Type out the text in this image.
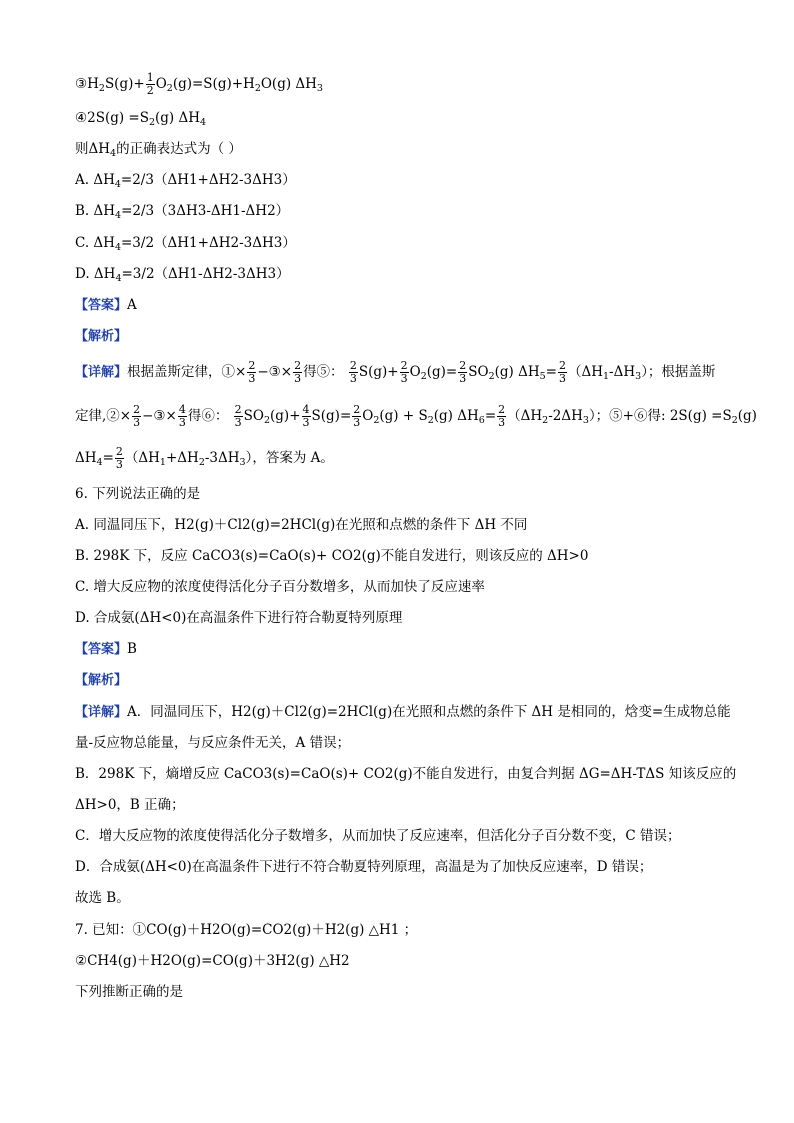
$③H_2S(g)+ \frac{1}{2} O_2(g)=S(g)+H_2O(g)$ $\Delta H_3$
④2S(g) $=S_2(g)$ $\Delta H_4$
则$\Delta H_4$的正确表达式为（ ）
A. $\Delta H_4=2/3(\Delta H1+\Delta H2-3\Delta H3)$
B. $\Delta H_4=2/3(3\Delta H3-\Delta H1-\Delta H2)$
C. $\Delta H_4=3/2(\Delta H1+\Delta H2-3\Delta H3)$
D. $\Delta H_4=3/2(\Delta H1-\Delta H2-3\Delta H3)$
【答案】A
【解析】
【详解】根据盖斯定律，①× $\frac{2}{3}$ −③× $\frac{2}{3}$ 得⑤： $\frac{2}{3} S(g)+ \frac{2}{3} O_2(g)= \frac{2}{3} SO_2(g)$ $\Delta H_5= \frac{2}{3} (\Delta H_1-\Delta H_3)$；根据盖斯
定律,②× $\frac{2}{3}$ −③× $\frac{4}{3}$ 得⑥： $\frac{2}{3} SO_2(g)+ \frac{4}{3} S(g)= \frac{2}{3} O_2(g) + S_2(g)$ $\Delta H_6= \frac{2}{3} (\Delta H_2-2\Delta H_3)$；⑤+⑥得: $2S(g) =S_2(g)$
$\Delta H_4= \frac{2}{3} (\Delta H_1+\Delta H_2-3\Delta H_3)$，答案为 A。
6. 下列说法正确的是
A. 同温同压下，H2(g)＋Cl2(g)=2HCl(g)在光照和点燃的条件下 ΔH 不同
B. 298K 下，反应 CaCO3(s)=CaO(s)+ CO2(g)不能自发进行，则该反应的 ΔH>0
C. 增大反应物的浓度使得活化分子百分数增多，从而加快了反应速率
D. 合成氨(ΔH<0)在高温条件下进行符合勒夏特列原理
【答案】B
【解析】
【详解】A．同温同压下，H2(g)＋Cl2(g)=2HCl(g)在光照和点燃的条件下 ΔH 是相同的，焓变=生成物总能
量-反应物总能量，与反应条件无关，A 错误；
B．298K 下，熵增反应 CaCO3(s)=CaO(s)+ CO2(g)不能自发进行，由复合判据 ΔG=ΔH-TΔS 知该反应的
ΔH>0，B 正确；
C．增大反应物的浓度使得活化分子数增多，从而加快了反应速率，但活化分子百分数不变，C 错误；
D．合成氨(ΔH<0)在高温条件下进行不符合勒夏特列原理，高温是为了加快反应速率，D 错误；
故选 B。
7. 已知：①CO(g)＋H2O(g)=CO2(g)＋H2(g) △H1 ；
②CH4(g)＋H2O(g)=CO(g)＋3H2(g) △H2
下列推断正确的是
